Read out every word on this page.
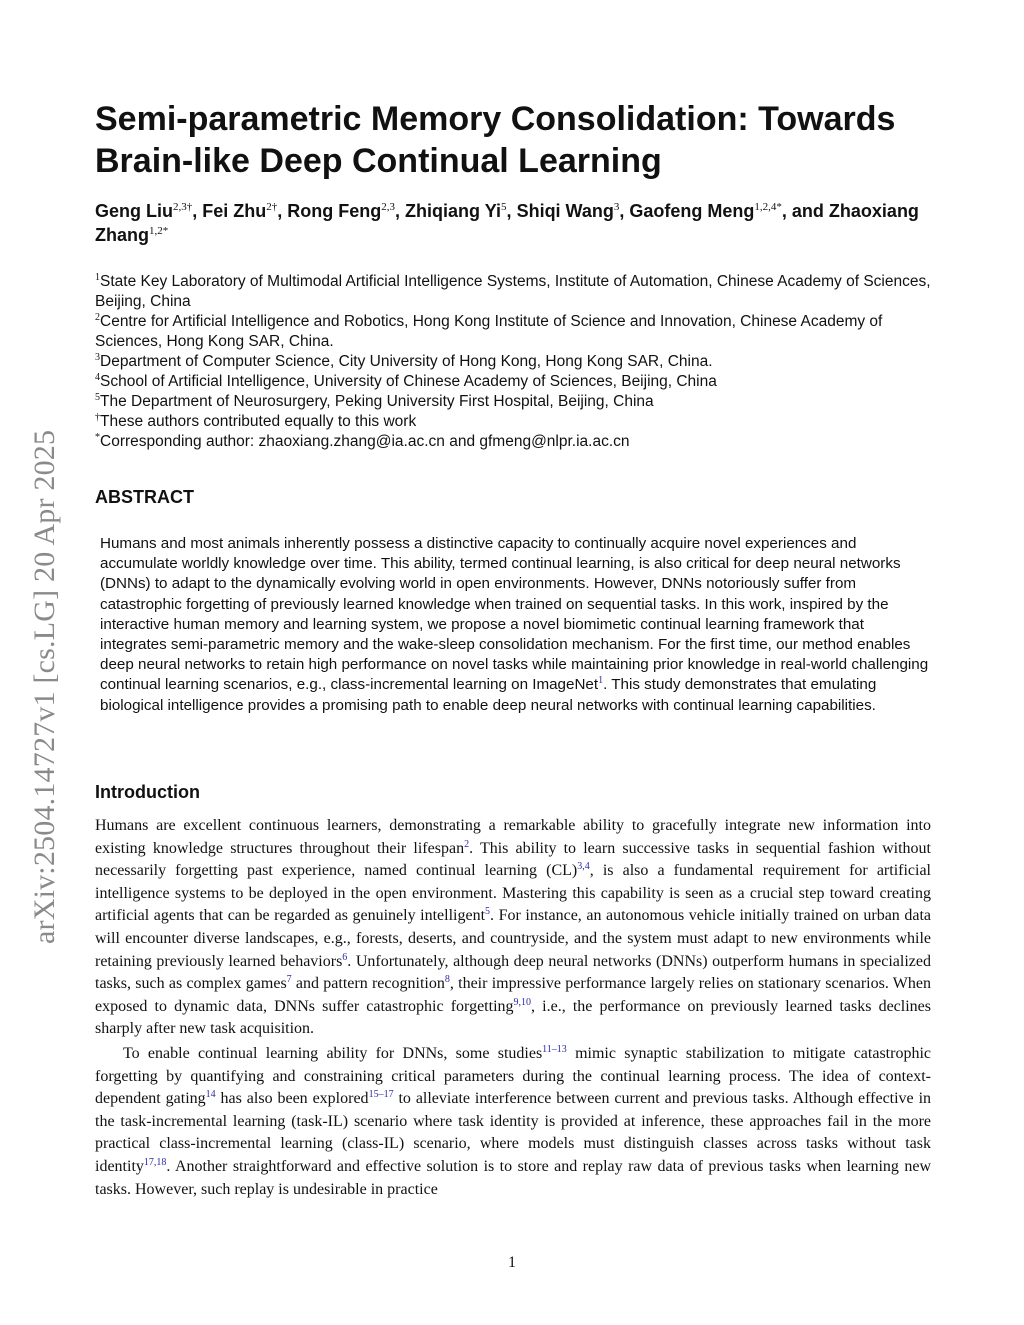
arXiv:2504.14727v1 [cs.LG] 20 Apr 2025
Semi-parametric Memory Consolidation: Towards
Brain-like Deep Continual Learning
Geng Liu$^{2,3\dagger}$, Fei Zhu$^{2\dagger}$, Rong Feng$^{2,3}$, Zhiqiang Yi$^5$, Shiqi Wang$^3$, Gaofeng Meng$^{1,2,4*}$, and Zhaoxiang Zhang$^{1,2*}$
$^1$State Key Laboratory of Multimodal Artificial Intelligence Systems, Institute of Automation, Chinese Academy of Sciences, Beijing, China
$^2$Centre for Artificial Intelligence and Robotics, Hong Kong Institute of Science and Innovation, Chinese Academy of Sciences, Hong Kong SAR, China.
$^3$Department of Computer Science, City University of Hong Kong, Hong Kong SAR, China.
$^4$School of Artificial Intelligence, University of Chinese Academy of Sciences, Beijing, China
$^5$The Department of Neurosurgery, Peking University First Hospital, Beijing, China
†These authors contributed equally to this work
*Corresponding author: zhaoxiang.zhang@ia.ac.cn and gfmeng@nlpr.ia.ac.cn
ABSTRACT
Humans and most animals inherently possess a distinctive capacity to continually acquire novel experiences and accumulate worldly knowledge over time. This ability, termed continual learning, is also critical for deep neural networks (DNNs) to adapt to the dynamically evolving world in open environments. However, DNNs notoriously suffer from catastrophic forgetting of previously learned knowledge when trained on sequential tasks. In this work, inspired by the interactive human memory and learning system, we propose a novel biomimetic continual learning framework that integrates semi-parametric memory and the wake-sleep consolidation mechanism. For the first time, our method enables deep neural networks to retain high performance on novel tasks while maintaining prior knowledge in real-world challenging continual learning scenarios, e.g., class-incremental learning on ImageNet$^1$. This study demonstrates that emulating biological intelligence provides a promising path to enable deep neural networks with continual learning capabilities.
Introduction

Humans are excellent continuous learners, demonstrating a remarkable ability to gracefully integrate new information into existing knowledge structures throughout their lifespan$^2$. This ability to learn successive tasks in sequential fashion without necessarily forgetting past experience, named continual learning (CL)$^{3,4}$, is also a fundamental requirement for artificial intelligence systems to be deployed in the open environment. Mastering this capability is seen as a crucial step toward creating artificial agents that can be regarded as genuinely intelligent$^5$. For instance, an autonomous vehicle initially trained on urban data will encounter diverse landscapes, e.g., forests, deserts, and countryside, and the system must adapt to new environments while retaining previously learned behaviors$^6$. Unfortunately, although deep neural networks (DNNs) outperform humans in specialized tasks, such as complex games$^7$ and pattern recognition$^8$, their impressive performance largely relies on stationary scenarios. When exposed to dynamic data, DNNs suffer catastrophic forgetting$^{9,10}$, i.e., the performance on previously learned tasks declines sharply after new task acquisition.

To enable continual learning ability for DNNs, some studies$^{11-13}$ mimic synaptic stabilization to mitigate catastrophic forgetting by quantifying and constraining critical parameters during the continual learning process. The idea of context-dependent gating$^{14}$ has also been explored$^{15-17}$ to alleviate interference between current and previous tasks. Although effective in the task-incremental learning (task-IL) scenario where task identity is provided at inference, these approaches fail in the more practical class-incremental learning (class-IL) scenario, where models must distinguish classes across tasks without task identity$^{17,18}$. Another straightforward and effective solution is to store and replay raw data of previous tasks when learning new tasks. However, such replay is undesirable in practice

1
